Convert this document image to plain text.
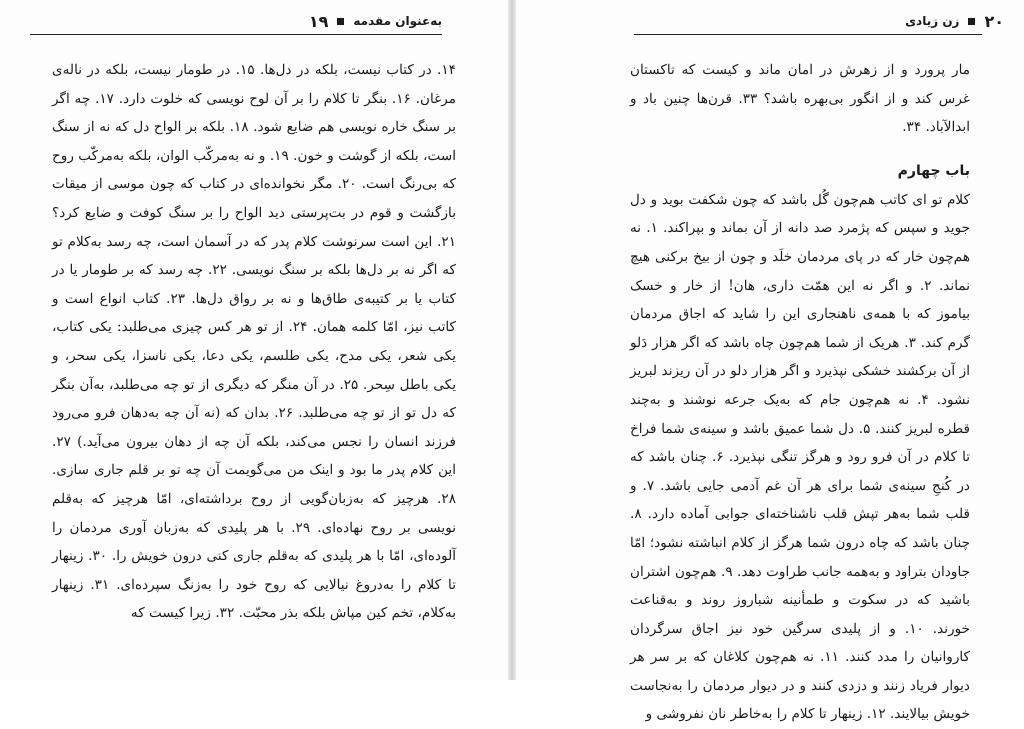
به‌عنوان مقدمه
۱۹

۱۴. در کتاب نیست، بلکه در دل‌ها. ۱۵. در طومار نیست، بلکه در ناله‌ی مرغان. ۱۶. بنگر تا کلام را بر آن لوح نویسی که خلوت دارد. ۱۷. چه اگر بر سنگ خاره نویسی هم ضایع شود. ۱۸. بلکه بر الواح دل که نه از سنگ است، بلکه از گوشت و خون. ۱۹. و نه به‌مرکّب الوان، بلکه به‌مرکّب روح که بی‌رنگ است. ۲۰. مگر نخوانده‌ای در کتاب که چون موسی از میقات بازگشت و قوم در بت‌پرستی دید الواح را بر سنگ کوفت و ضایع کرد؟ ۲۱. این است سرنوشت کلام پدر که در آسمان است، چه رسد به‌کلام تو که اگر نه بر دل‌ها بلکه بر سنگ نویسی. ۲۲. چه رسد که بر طومار یا در کتاب یا بر کتیبه‌ی طاق‌ها و نه بر رواق دل‌ها. ۲۳. کتاب انواع است و کاتب نیز، امّا کلمه همان. ۲۴. از تو هر کس چیزی می‌طلبد: یکی کتاب، یکی شعر، یکی مدح، یکی طلسم، یکی دعا، یکی ناسزا، یکی سحر، و یکی باطل سِحر. ۲۵. در آن منگر که دیگری از تو چه می‌طلبد، به‌آن بنگر که دل تو از تو چه می‌طلبد. ۲۶. بدان که (نه آن چه به‌دهان فرو می‌رود فرزند انسان را نجس می‌کند، بلکه آن چه از دهان بیرون می‌آید.) ۲۷. این کلام پدر ما بود و اینک من می‌گویمت آن چه تو بر قلم جاری سازی. ۲۸. هرچیز که به‌زبان‌گویی از روح برداشته‌ای، امّا هرچیز که به‌قلم نویسی بر روح نهاده‌ای. ۲۹. با هر پلیدی که به‌زبان آوری مردمان را آلوده‌ای، امّا با هر پلیدی که به‌قلم جاری کنی درون خویش را. ۳۰. زینهار تا کلام را به‌دروغ نیالایی که روح خود را به‌زنگ سپرده‌ای. ۳۱. زینهار به‌کلام، تخم کین مپاش بلکه بذر محبّت. ۳۲. زیرا کیست که

۲۰
زن زیادی

مار پرورد و از زهرش در امان ماند و کیست که تاکستان غرس کند و از انگور بی‌بهره باشد؟ ۳۳. قرن‌ها چنین باد و ابدالآباد. ۳۴.

باب چهارم

کلام تو ای کاتب هم‌چون گُل باشد که چون شکفت بوید و دل جوید و سپس که پژمرد صد دانه از آن بماند و بپراکند. ۱. نه هم‌چون خار که در پای مردمان خلَد و چون از بیخ برکنی هیچ نماند. ۲. و اگر نه این همّت داری، هان! از خار و خسک بیاموز که با همه‌ی ناهنجاری این را شاید که اجاق مردمان گرم کند. ۳. هریک از شما هم‌چون چاه باشد که اگر هزار دَلو از آن برکشند خشکی نپذیرد و اگر هزار دلو در آن ریزند لبریز نشود. ۴. نه هم‌چون جام که به‌یک جرعه نوشند و به‌چند قطره لبریز کنند. ۵. دل شما عمیق باشد و سینه‌ی شما فراخ تا کلام در آن فرو رود و هرگز تنگی نپذیرد. ۶. چنان باشد که در کُنجِ سینه‌ی شما برای هر آن غم آدمی جایی باشد. ۷. و قلب شما به‌هر تپش قلب ناشناخته‌ای جوابی آماده دارد. ۸. چنان باشد که چاه درون شما هرگز از کلام انباشته نشود؛ امّا جاودان بتراود و به‌همه جانب طراوت دهد. ۹. هم‌چون اشتران باشید که در سکوت و طمأنینه شباروز روند و به‌قناعت خورند. ۱۰. و از پلیدی سرگین خود نیز اجاق سرگردان کاروانیان را مدد کنند. ۱۱. نه هم‌چون کلاغان که بر سر هر دیوار فریاد زنند و دزدی کنند و در دیوار مردمان را به‌نجاست خویش بیالایند. ۱۲. زینهار تا کلام را به‌خاطر نان نفروشی و
